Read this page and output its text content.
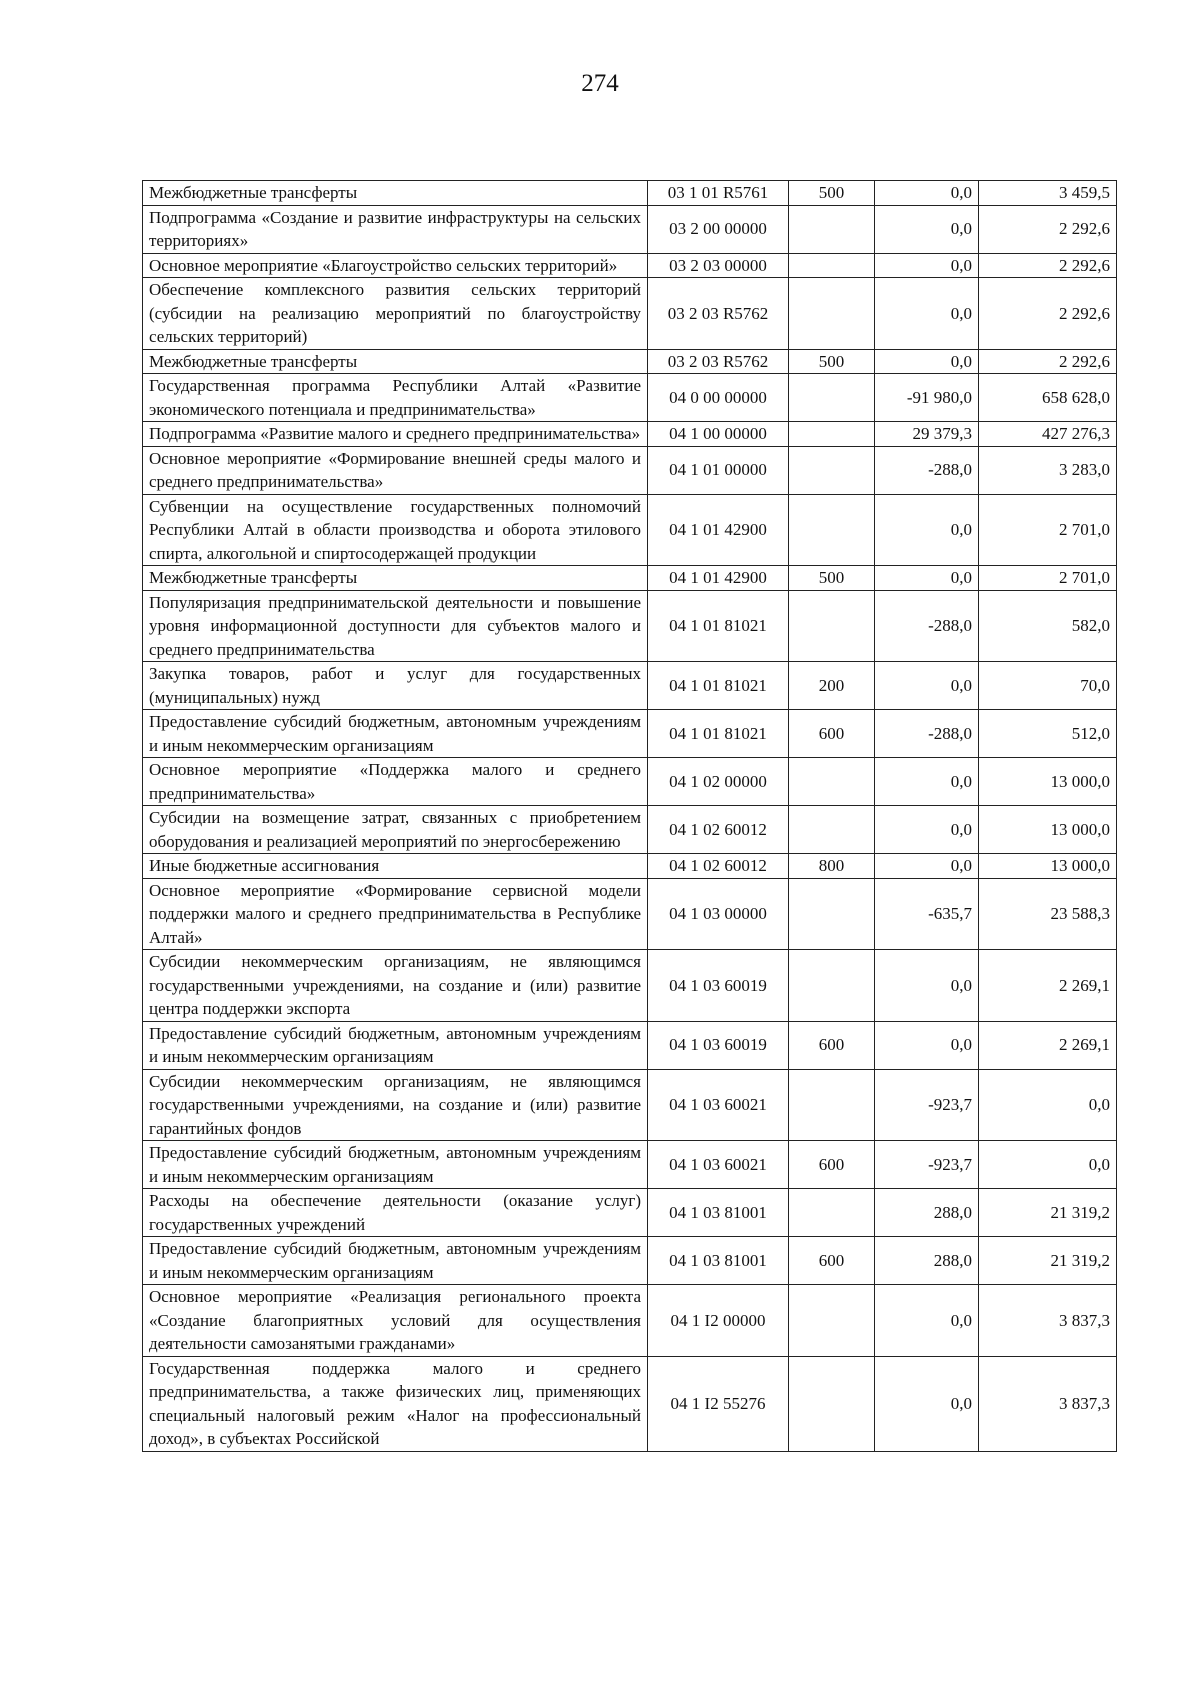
274
Межбюджетные трансферты	03 1 01 R5761	500	0,0	3 459,5
Подпрограмма «Создание и развитие инфраструктуры на сельских территориях»	03 2 00 00000		0,0	2 292,6
Основное мероприятие «Благоустройство сельских территорий»	03 2 03 00000		0,0	2 292,6
Обеспечение комплексного развития сельских территорий (субсидии на реализацию мероприятий по благоустройству сельских территорий)	03 2 03 R5762		0,0	2 292,6
Межбюджетные трансферты	03 2 03 R5762	500	0,0	2 292,6
Государственная программа Республики Алтай «Развитие экономического потенциала и предпринимательства»	04 0 00 00000		-91 980,0	658 628,0
Подпрограмма «Развитие малого и среднего предпринимательства»	04 1 00 00000		29 379,3	427 276,3
Основное мероприятие «Формирование внешней среды малого и среднего предпринимательства»	04 1 01 00000		-288,0	3 283,0
Субвенции на осуществление государственных полномочий Республики Алтай в области производства и оборота этилового спирта, алкогольной и спиртосодержащей продукции	04 1 01 42900		0,0	2 701,0
Межбюджетные трансферты	04 1 01 42900	500	0,0	2 701,0
Популяризация предпринимательской деятельности и повышение уровня информационной доступности для субъектов малого и среднего предпринимательства	04 1 01 81021		-288,0	582,0
Закупка товаров, работ и услуг для государственных (муниципальных) нужд	04 1 01 81021	200	0,0	70,0
Предоставление субсидий бюджетным, автономным учреждениям и иным некоммерческим организациям	04 1 01 81021	600	-288,0	512,0
Основное мероприятие «Поддержка малого и среднего предпринимательства»	04 1 02 00000		0,0	13 000,0
Субсидии на возмещение затрат, связанных с приобретением оборудования и реализацией мероприятий по энергосбережению	04 1 02 60012		0,0	13 000,0
Иные бюджетные ассигнования	04 1 02 60012	800	0,0	13 000,0
Основное мероприятие «Формирование сервисной модели поддержки малого и среднего предпринимательства в Республике Алтай»	04 1 03 00000		-635,7	23 588,3
Субсидии некоммерческим организациям, не являющимся государственными учреждениями, на создание и (или) развитие центра поддержки экспорта	04 1 03 60019		0,0	2 269,1
Предоставление субсидий бюджетным, автономным учреждениям и иным некоммерческим организациям	04 1 03 60019	600	0,0	2 269,1
Субсидии некоммерческим организациям, не являющимся государственными учреждениями, на создание и (или) развитие гарантийных фондов	04 1 03 60021		-923,7	0,0
Предоставление субсидий бюджетным, автономным учреждениям и иным некоммерческим организациям	04 1 03 60021	600	-923,7	0,0
Расходы на обеспечение деятельности (оказание услуг) государственных учреждений	04 1 03 81001		288,0	21 319,2
Предоставление субсидий бюджетным, автономным учреждениям и иным некоммерческим организациям	04 1 03 81001	600	288,0	21 319,2
Основное мероприятие «Реализация регионального проекта «Создание благоприятных условий для осуществления деятельности самозанятыми гражданами»	04 1 I2 00000		0,0	3 837,3
Государственная поддержка малого и среднего предпринимательства, а также физических лиц, применяющих специальный налоговый режим «Налог на профессиональный доход», в субъектах Российской	04 1 I2 55276		0,0	3 837,3
